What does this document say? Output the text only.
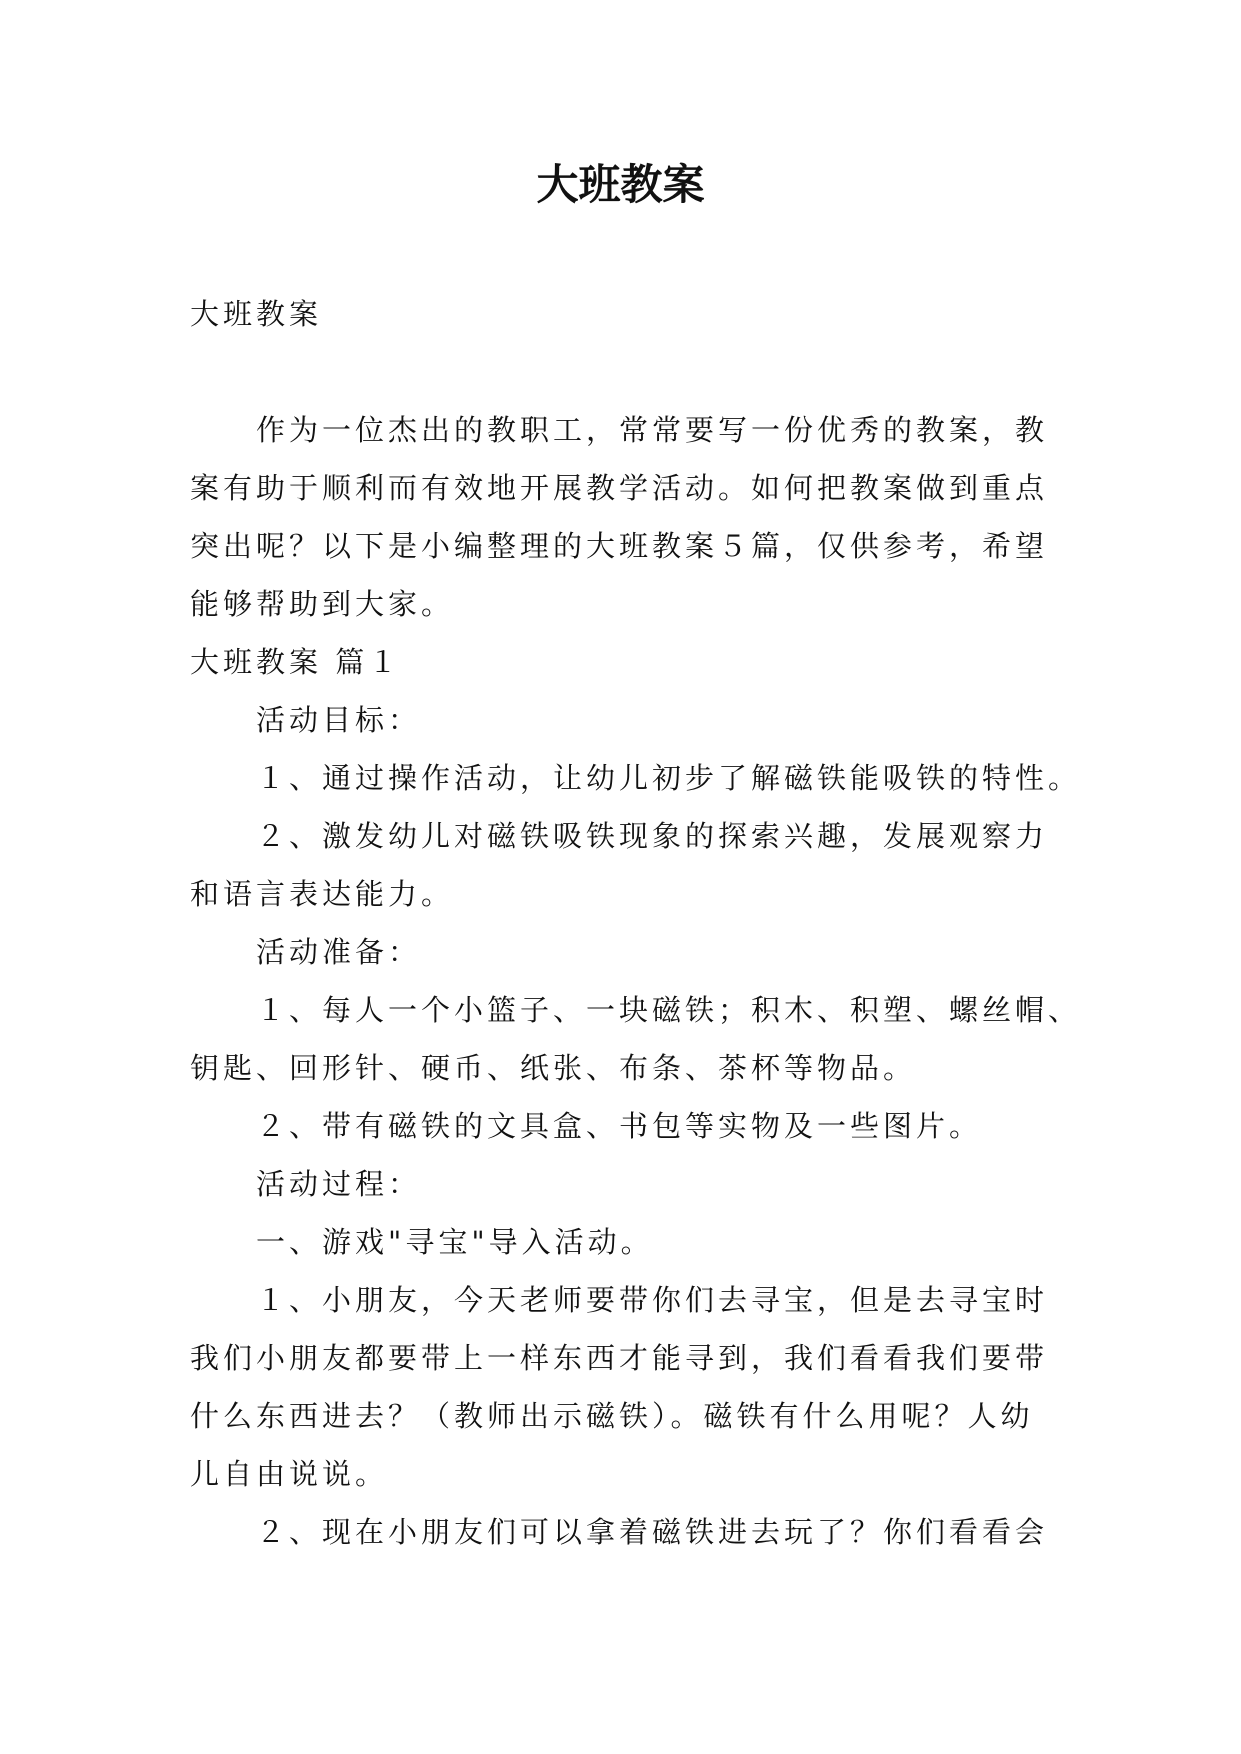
大班教案
大班教案
作为一位杰出的教职工，常常要写一份优秀的教案，教
案有助于顺利而有效地开展教学活动。如何把教案做到重点
突出呢？以下是小编整理的大班教案５篇，仅供参考，希望
能够帮助到大家。
大班教案 篇１
活动目标：
１、通过操作活动，让幼儿初步了解磁铁能吸铁的特性。
２、激发幼儿对磁铁吸铁现象的探索兴趣，发展观察力
和语言表达能力。
活动准备：
１、每人一个小篮子、一块磁铁；积木、积塑、螺丝帽、
钥匙、回形针、硬币、纸张、布条、茶杯等物品。
２、带有磁铁的文具盒、书包等实物及一些图片。
活动过程：
一、游戏"寻宝"导入活动。
１、小朋友，今天老师要带你们去寻宝，但是去寻宝时
我们小朋友都要带上一样东西才能寻到，我们看看我们要带
什么东西进去？（教师出示磁铁）。磁铁有什么用呢？人幼
儿自由说说。
２、现在小朋友们可以拿着磁铁进去玩了？你们看看会
